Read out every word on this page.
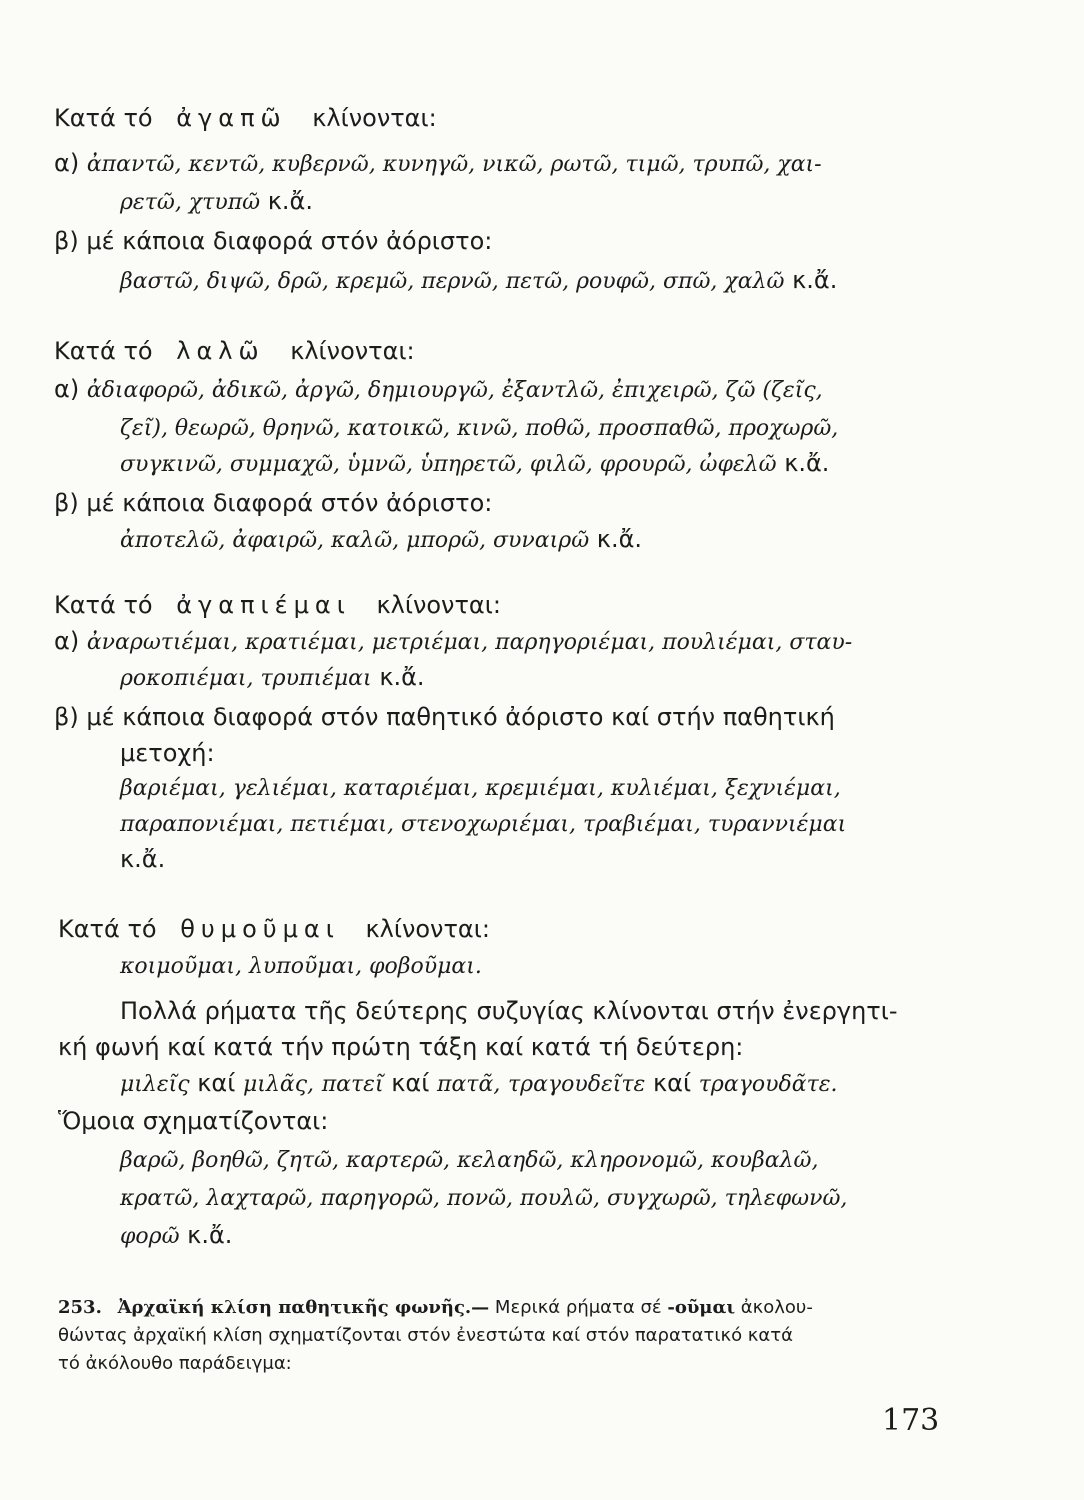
Κατά τό ἀγαπῶ κλίνονται:
α) ἀπαντῶ, κεντῶ, κυβερνῶ, κυνηγῶ, νικῶ, ρωτῶ, τιμῶ, τρυπῶ, χαι-
ρετῶ, χτυπῶ κ.ἄ.
β) μέ κάποια διαφορά στόν ἀόριστο:
βαστῶ, διψῶ, δρῶ, κρεμῶ, περνῶ, πετῶ, ρουφῶ, σπῶ, χαλῶ κ.ἄ.
Κατά τό λαλῶ κλίνονται:
α) ἀδιαφορῶ, ἀδικῶ, ἀργῶ, δημιουργῶ, ἐξαντλῶ, ἐπιχειρῶ, ζῶ (ζεῖς,
ζεῖ), θεωρῶ, θρηνῶ, κατοικῶ, κινῶ, ποθῶ, προσπαθῶ, προχωρῶ,
συγκινῶ, συμμαχῶ, ὑμνῶ, ὑπηρετῶ, φιλῶ, φρουρῶ, ὠφελῶ κ.ἄ.
β) μέ κάποια διαφορά στόν ἀόριστο:
ἀποτελῶ, ἀφαιρῶ, καλῶ, μπορῶ, συναιρῶ κ.ἄ.
Κατά τό ἀγαπιέμαι κλίνονται:
α) ἀναρωτιέμαι, κρατιέμαι, μετριέμαι, παρηγοριέμαι, πουλιέμαι, σταυ-
ροκοπιέμαι, τρυπιέμαι κ.ἄ.
β) μέ κάποια διαφορά στόν παθητικό ἀόριστο καί στήν παθητική
μετοχή:
βαριέμαι, γελιέμαι, καταριέμαι, κρεμιέμαι, κυλιέμαι, ξεχνιέμαι,
παραπονιέμαι, πετιέμαι, στενοχωριέμαι, τραβιέμαι, τυραννιέμαι
κ.ἄ.
Κατά τό θυμοῦμαι κλίνονται:
κοιμοῦμαι, λυποῦμαι, φοβοῦμαι.
Πολλά ρήματα τῆς δεύτερης συζυγίας κλίνονται στήν ἐνεργητι-
κή φωνή καί κατά τήν πρώτη τάξη καί κατά τή δεύτερη:
μιλεῖς καί μιλᾶς, πατεῖ καί πατᾶ, τραγουδεῖτε καί τραγουδᾶτε.
Ὅμοια σχηματίζονται:
βαρῶ, βοηθῶ, ζητῶ, καρτερῶ, κελαηδῶ, κληρονομῶ, κουβαλῶ,
κρατῶ, λαχταρῶ, παρηγορῶ, πονῶ, πουλῶ, συγχωρῶ, τηλεφωνῶ,
φορῶ κ.ἄ.
253. Ἀρχαϊκή κλίση παθητικῆς φωνῆς.— Μερικά ρήματα σέ -οῦμαι ἀκολου-
θώντας ἀρχαϊκή κλίση σχηματίζονται στόν ἐνεστώτα καί στόν παρατατικό κατά
τό ἀκόλουθο παράδειγμα:
173
